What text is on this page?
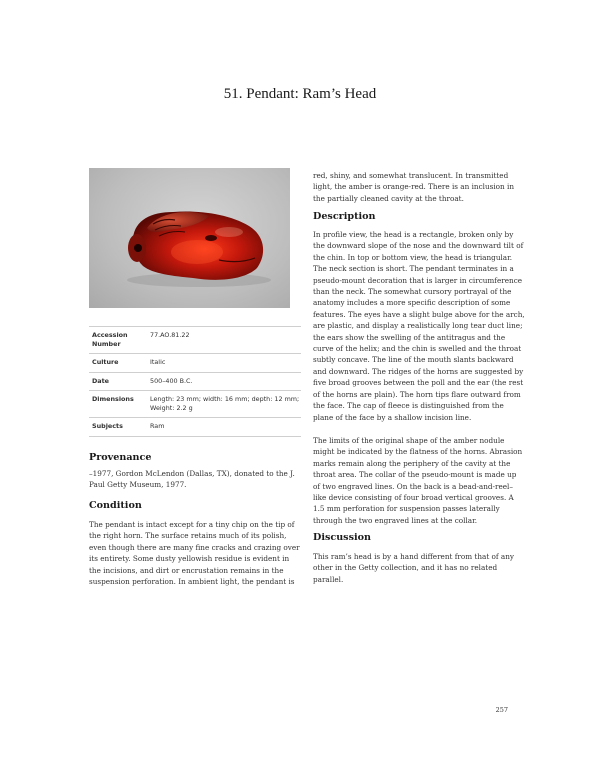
51. Pendant: Ram’s Head
Accession Number	77.AO.81.22
Culture	Italic
Date	500–400 B.C.
Dimensions	Length: 23 mm; width: 16 mm; depth: 12 mm; Weight: 2.2 g
Subjects	Ram
Provenance

–1977, Gordon McLendon (Dallas, TX), donated to the J. Paul Getty Museum, 1977.

Condition

The pendant is intact except for a tiny chip on the tip of the right horn. The surface retains much of its polish, even though there are many fine cracks and crazing over its entirety. Some dusty yellowish residue is evident in the incisions, and dirt or encrustation remains in the suspension perforation. In ambient light, the pendant is

red, shiny, and somewhat translucent. In transmitted light, the amber is orange-red. There is an inclusion in the partially cleaned cavity at the throat.

Description

In profile view, the head is a rectangle, broken only by the downward slope of the nose and the downward tilt of the chin. In top or bottom view, the head is triangular. The neck section is short. The pendant terminates in a pseudo-mount decoration that is larger in circumference than the neck. The somewhat cursory portrayal of the anatomy includes a more specific description of some features. The eyes have a slight bulge above for the arch, are plastic, and display a realistically long tear duct line; the ears show the swelling of the antitragus and the curve of the helix; and the chin is swelled and the throat subtly concave. The line of the mouth slants backward and downward. The ridges of the horns are suggested by five broad grooves between the poll and the ear (the rest of the horns are plain). The horn tips flare outward from the face. The cap of fleece is distinguished from the plane of the face by a shallow incision line.

The limits of the original shape of the amber nodule might be indicated by the flatness of the horns. Abrasion marks remain along the periphery of the cavity at the throat area. The collar of the pseudo-mount is made up of two engraved lines. On the back is a bead-and-reel–like device consisting of four broad vertical grooves. A 1.5 mm perforation for suspension passes laterally through the two engraved lines at the collar.

Discussion

This ram’s head is by a hand different from that of any other in the Getty collection, and it has no related parallel.

257
